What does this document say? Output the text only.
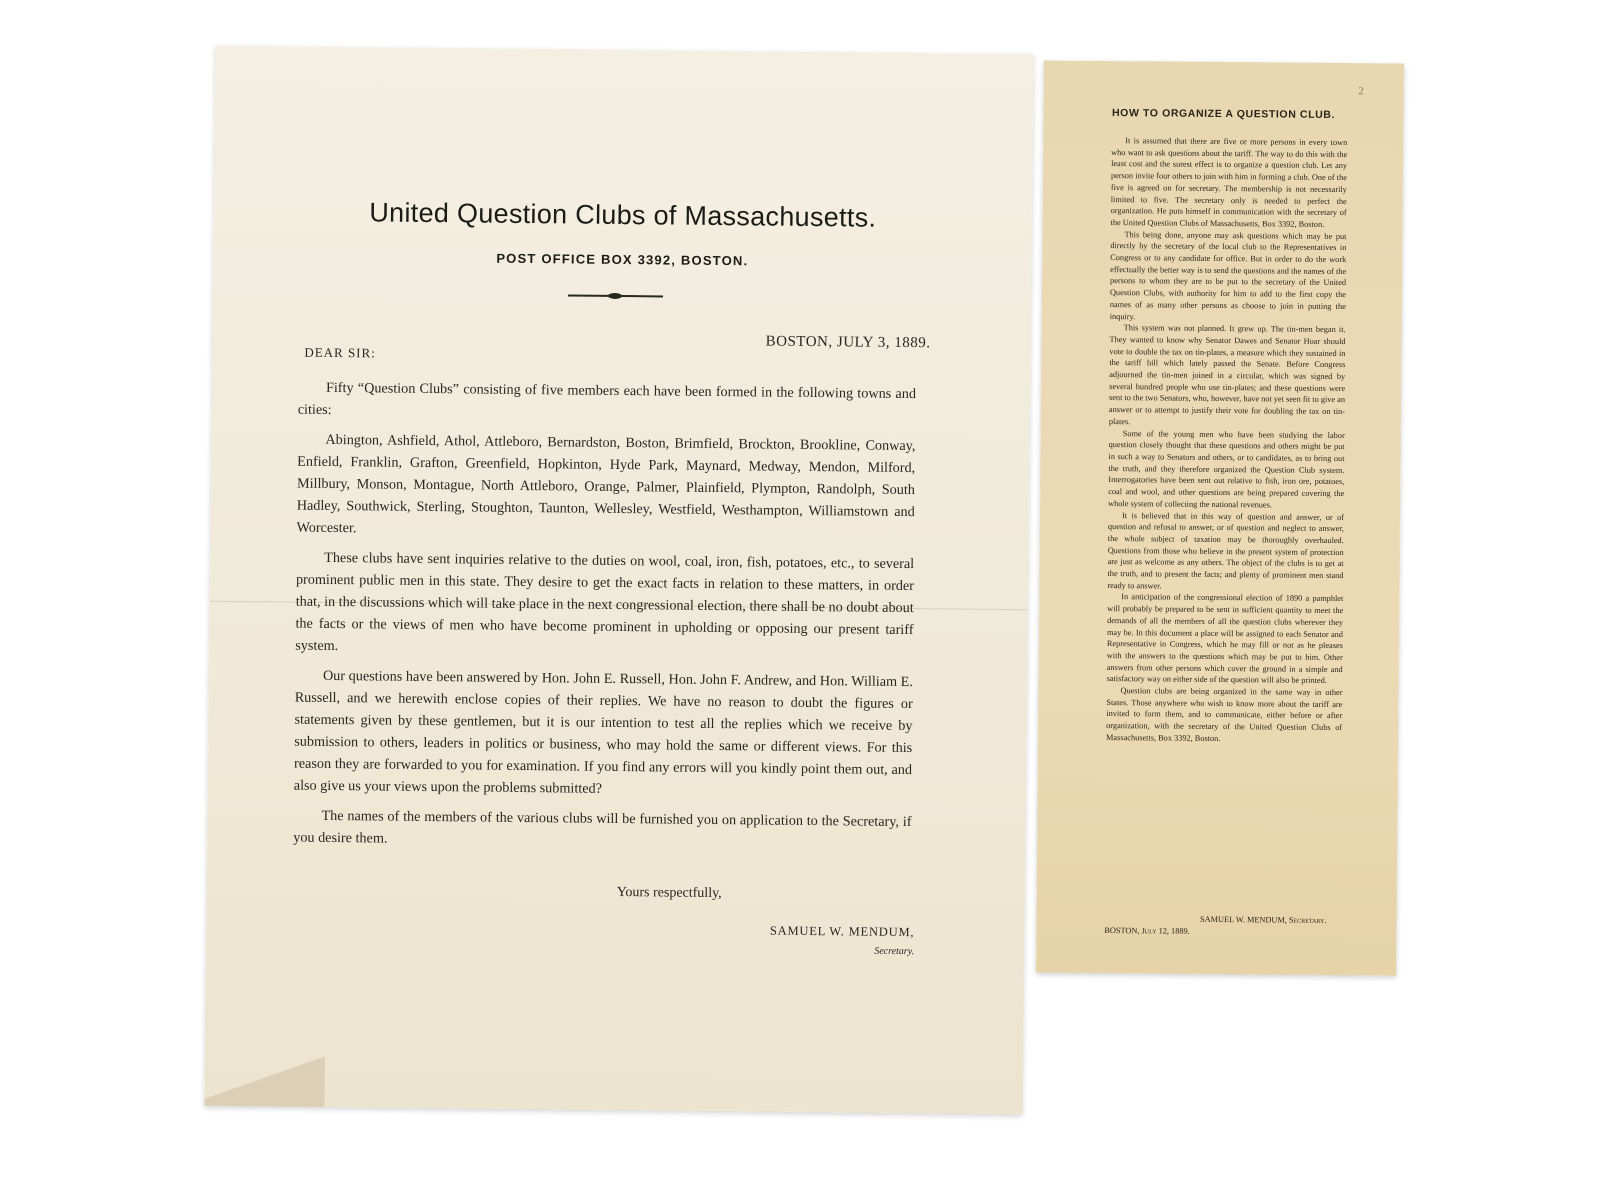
United Question Clubs of Massachusetts.
POST OFFICE BOX 3392, BOSTON.
BOSTON, JULY 3, 1889.
DEAR SIR:

Fifty “Question Clubs” consisting of five members each have been formed in the following towns and cities:

Abington, Ashfield, Athol, Attleboro, Bernardston, Boston, Brimfield, Brockton, Brookline, Conway, Enfield, Franklin, Grafton, Greenfield, Hopkinton, Hyde Park, Maynard, Medway, Mendon, Milford, Millbury, Monson, Montague, North Attleboro, Orange, Palmer, Plainfield, Plympton, Randolph, South Hadley, Southwick, Sterling, Stoughton, Taunton, Wellesley, Westfield, Westhampton, Williamstown and Worcester.

These clubs have sent inquiries relative to the duties on wool, coal, iron, fish, potatoes, etc., to several prominent public men in this state. They desire to get the exact facts in relation to these matters, in order that, in the discussions which will take place in the next congressional election, there shall be no doubt about the facts or the views of men who have become prominent in upholding or opposing our present tariff system.

Our questions have been answered by Hon. John E. Russell, Hon. John F. Andrew, and Hon. William E. Russell, and we herewith enclose copies of their replies. We have no reason to doubt the figures or statements given by these gentlemen, but it is our intention to test all the replies which we receive by submission to others, leaders in politics or business, who may hold the same or different views. For this reason they are forwarded to you for examination. If you find any errors will you kindly point them out, and also give us your views upon the problems submitted?

The names of the members of the various clubs will be furnished you on application to the Secretary, if you desire them.

Yours respectfully,
SAMUEL W. MENDUM,
Secretary.
2
HOW TO ORGANIZE A QUESTION CLUB.

It is assumed that there are five or more persons in every town who want to ask questions about the tariff. The way to do this with the least cost and the surest effect is to organize a question club. Let any person invite four others to join with him in forming a club. One of the five is agreed on for secretary. The membership is not necessarily limited to five. The secretary only is needed to perfect the organization. He puts himself in communication with the secretary of the United Question Clubs of Massachusetts, Box 3392, Boston.

This being done, anyone may ask questions which may be put directly by the secretary of the local club to the Representatives in Congress or to any candidate for office. But in order to do the work effectually the better way is to send the questions and the names of the persons to whom they are to be put to the secretary of the United Question Clubs, with authority for him to add to the first copy the names of as many other persons as choose to join in putting the inquiry.

This system was not planned. It grew up. The tin-men began it. They wanted to know why Senator Dawes and Senator Hoar should vote to double the tax on tin-plates, a measure which they sustained in the tariff bill which lately passed the Senate. Before Congress adjourned the tin-men joined in a circular, which was signed by several hundred people who use tin-plates; and these questions were sent to the two Senators, who, however, have not yet seen fit to give an answer or to attempt to justify their vote for doubling the tax on tin-plates.

Some of the young men who have been studying the labor question closely thought that these questions and others might be put in such a way to Senators and others, or to candidates, as to bring out the truth, and they therefore organized the Question Club system. Interrogatories have been sent out relative to fish, iron ore, potatoes, coal and wool, and other questions are being prepared covering the whole system of collecting the national revenues.

It is believed that in this way of question and answer, or of question and refusal to answer, or of question and neglect to answer, the whole subject of taxation may be thoroughly overhauled. Questions from those who believe in the present system of protection are just as welcome as any others. The object of the clubs is to get at the truth, and to present the facts; and plenty of prominent men stand ready to answer.

In anticipation of the congressional election of 1890 a pamphlet will probably be prepared to be sent in sufficient quantity to meet the demands of all the members of all the question clubs wherever they may be. In this document a place will be assigned to each Senator and Representative in Congress, which he may fill or not as he pleases with the answers to the questions which may be put to him. Other answers from other persons which cover the ground in a simple and satisfactory way on either side of the question will also be printed.

Question clubs are being organized in the same way in other States. Those anywhere who wish to know more about the tariff are invited to form them, and to communicate, either before or after organization, with the secretary of the United Question Clubs of Massachusetts, Box 3392, Boston.

SAMUEL W. MENDUM, Secretary.
BOSTON, July 12, 1889.
